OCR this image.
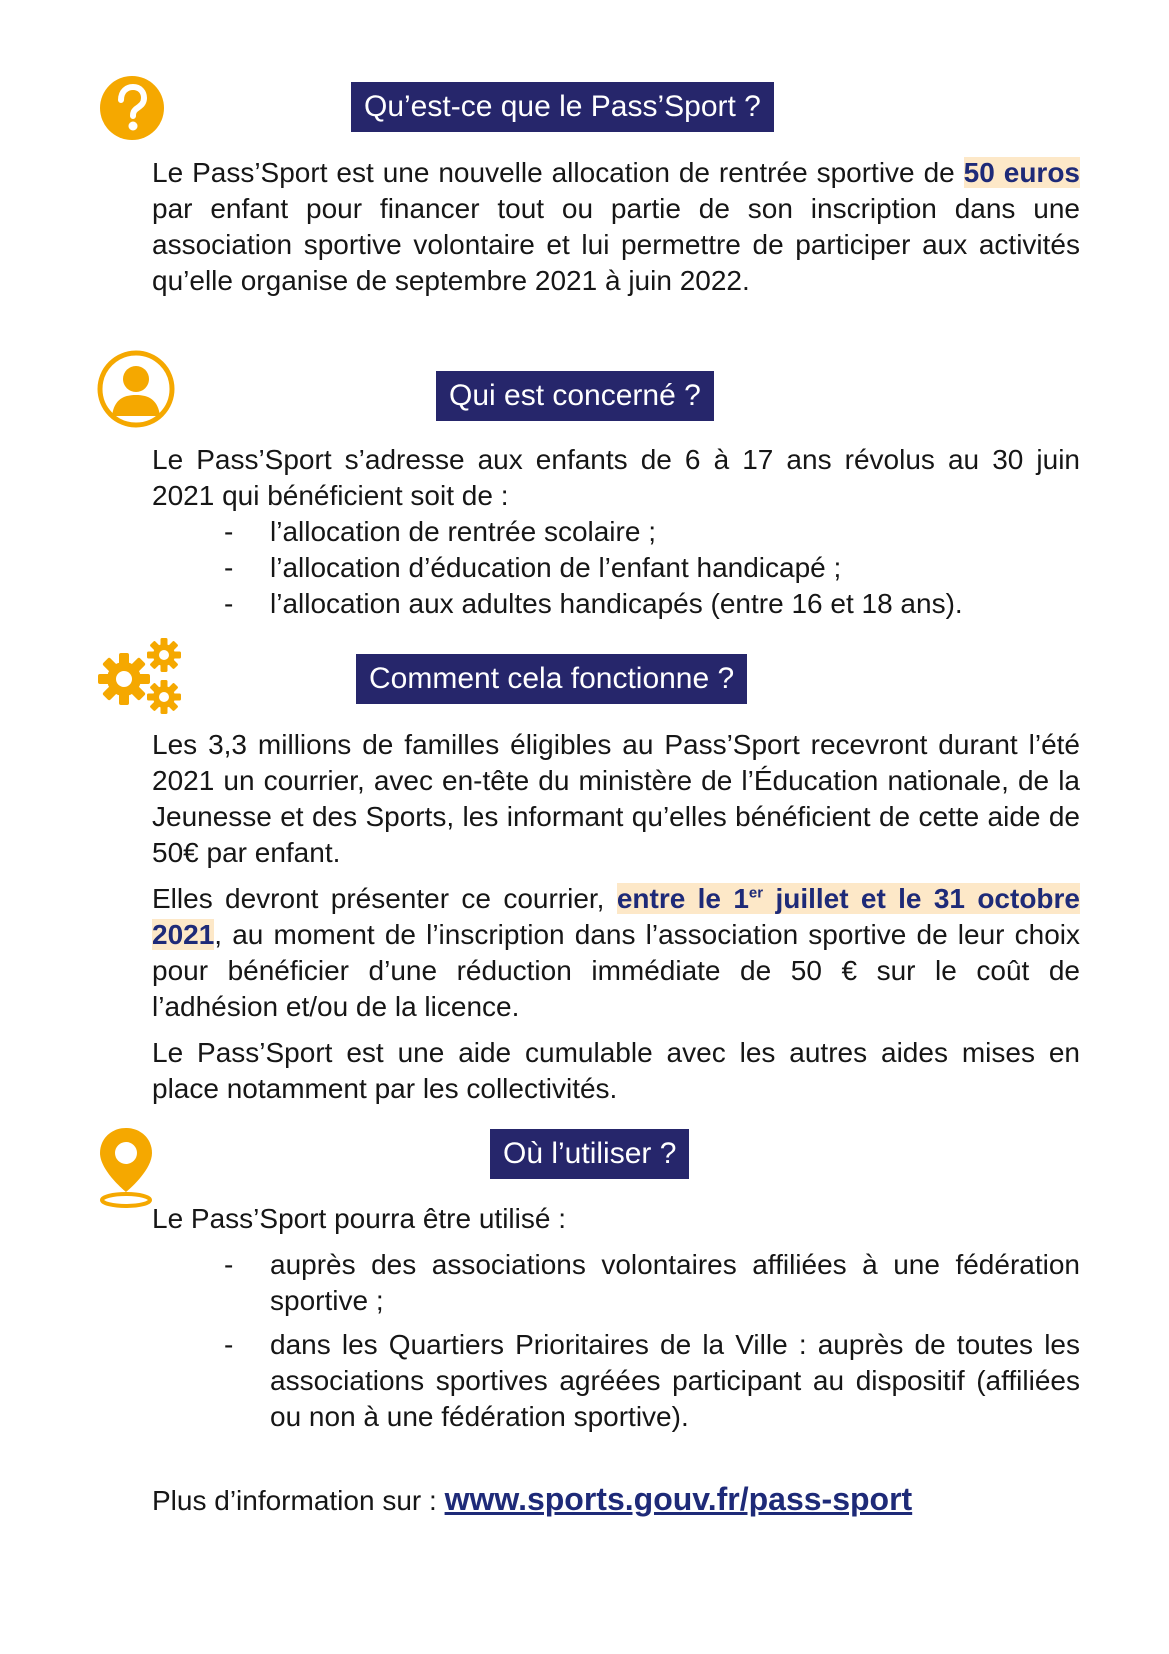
Qu’est-ce que le Pass’Sport ?

Le Pass’Sport est une nouvelle allocation de rentrée sportive de 50 euros par enfant pour financer tout ou partie de son inscription dans une association sportive volontaire et lui permettre de participer aux activités qu’elle organise de septembre 2021 à juin 2022.

Qui est concerné ?

Le Pass’Sport s’adresse aux enfants de 6 à 17 ans révolus au 30 juin 2021 qui bénéficient soit de :

- l’allocation de rentrée scolaire ;
- l’allocation d’éducation de l’enfant handicapé ;
- l’allocation aux adultes handicapés (entre 16 et 18 ans).
Comment cela fonctionne ?

Les 3,3 millions de familles éligibles au Pass’Sport recevront durant l’été 2021 un courrier, avec en-tête du ministère de l’Éducation nationale, de la Jeunesse et des Sports, les informant qu’elles bénéficient de cette aide de 50€ par enfant.

Elles devront présenter ce courrier, entre le 1er juillet et le 31 octobre 2021, au moment de l’inscription dans l’association sportive de leur choix pour bénéficier d’une réduction immédiate de 50 € sur le coût de l’adhésion et/ou de la licence.

Le Pass’Sport est une aide cumulable avec les autres aides mises en place notamment par les collectivités.

Où l’utiliser ?

Le Pass’Sport pourra être utilisé :

- auprès des associations volontaires affiliées à une fédération sportive ;
- dans les Quartiers Prioritaires de la Ville : auprès de toutes les associations sportives agréées participant au dispositif (affiliées ou non à une fédération sportive).
Plus d’information sur : www.sports.gouv.fr/pass-sport
